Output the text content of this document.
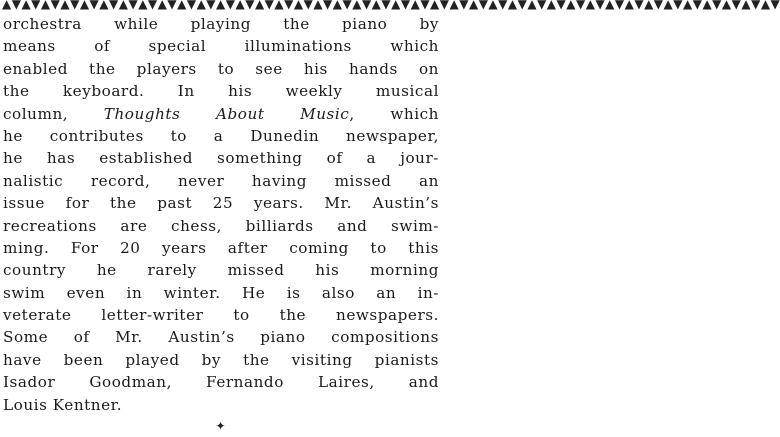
▲▼▲▼▲▼▲▼▲▼▲▼▲▼▲▼▲▼▲▼▲▼▲▼▲▼▲▼▲▼▲▼▲▼▲▼▲▼▲▼▲▼▲▼▲▼▲▼▲▼▲▼▲▼▲▼▲▼▲▼▲▼▲▼▲▼▲▼▲▼▲▼▲▼▲▼▲▼▲▼
orchestra while playing the piano by
means of special illuminations which
enabled the players to see his hands on
the keyboard. In his weekly musical
column, Thoughts About Music, which
he contributes to a Dunedin newspaper,
he has established something of a jour-
nalistic record, never having missed an
issue for the past 25 years. Mr. Austin’s
recreations are chess, billiards and swim-
ming. For 20 years after coming to this
country he rarely missed his morning
swim even in winter. He is also an in-
veterate letter-writer to the newspapers.
Some of Mr. Austin’s piano compositions
have been played by the visiting pianists
Isador Goodman, Fernando Laires, and
Louis Kentner.
✦
